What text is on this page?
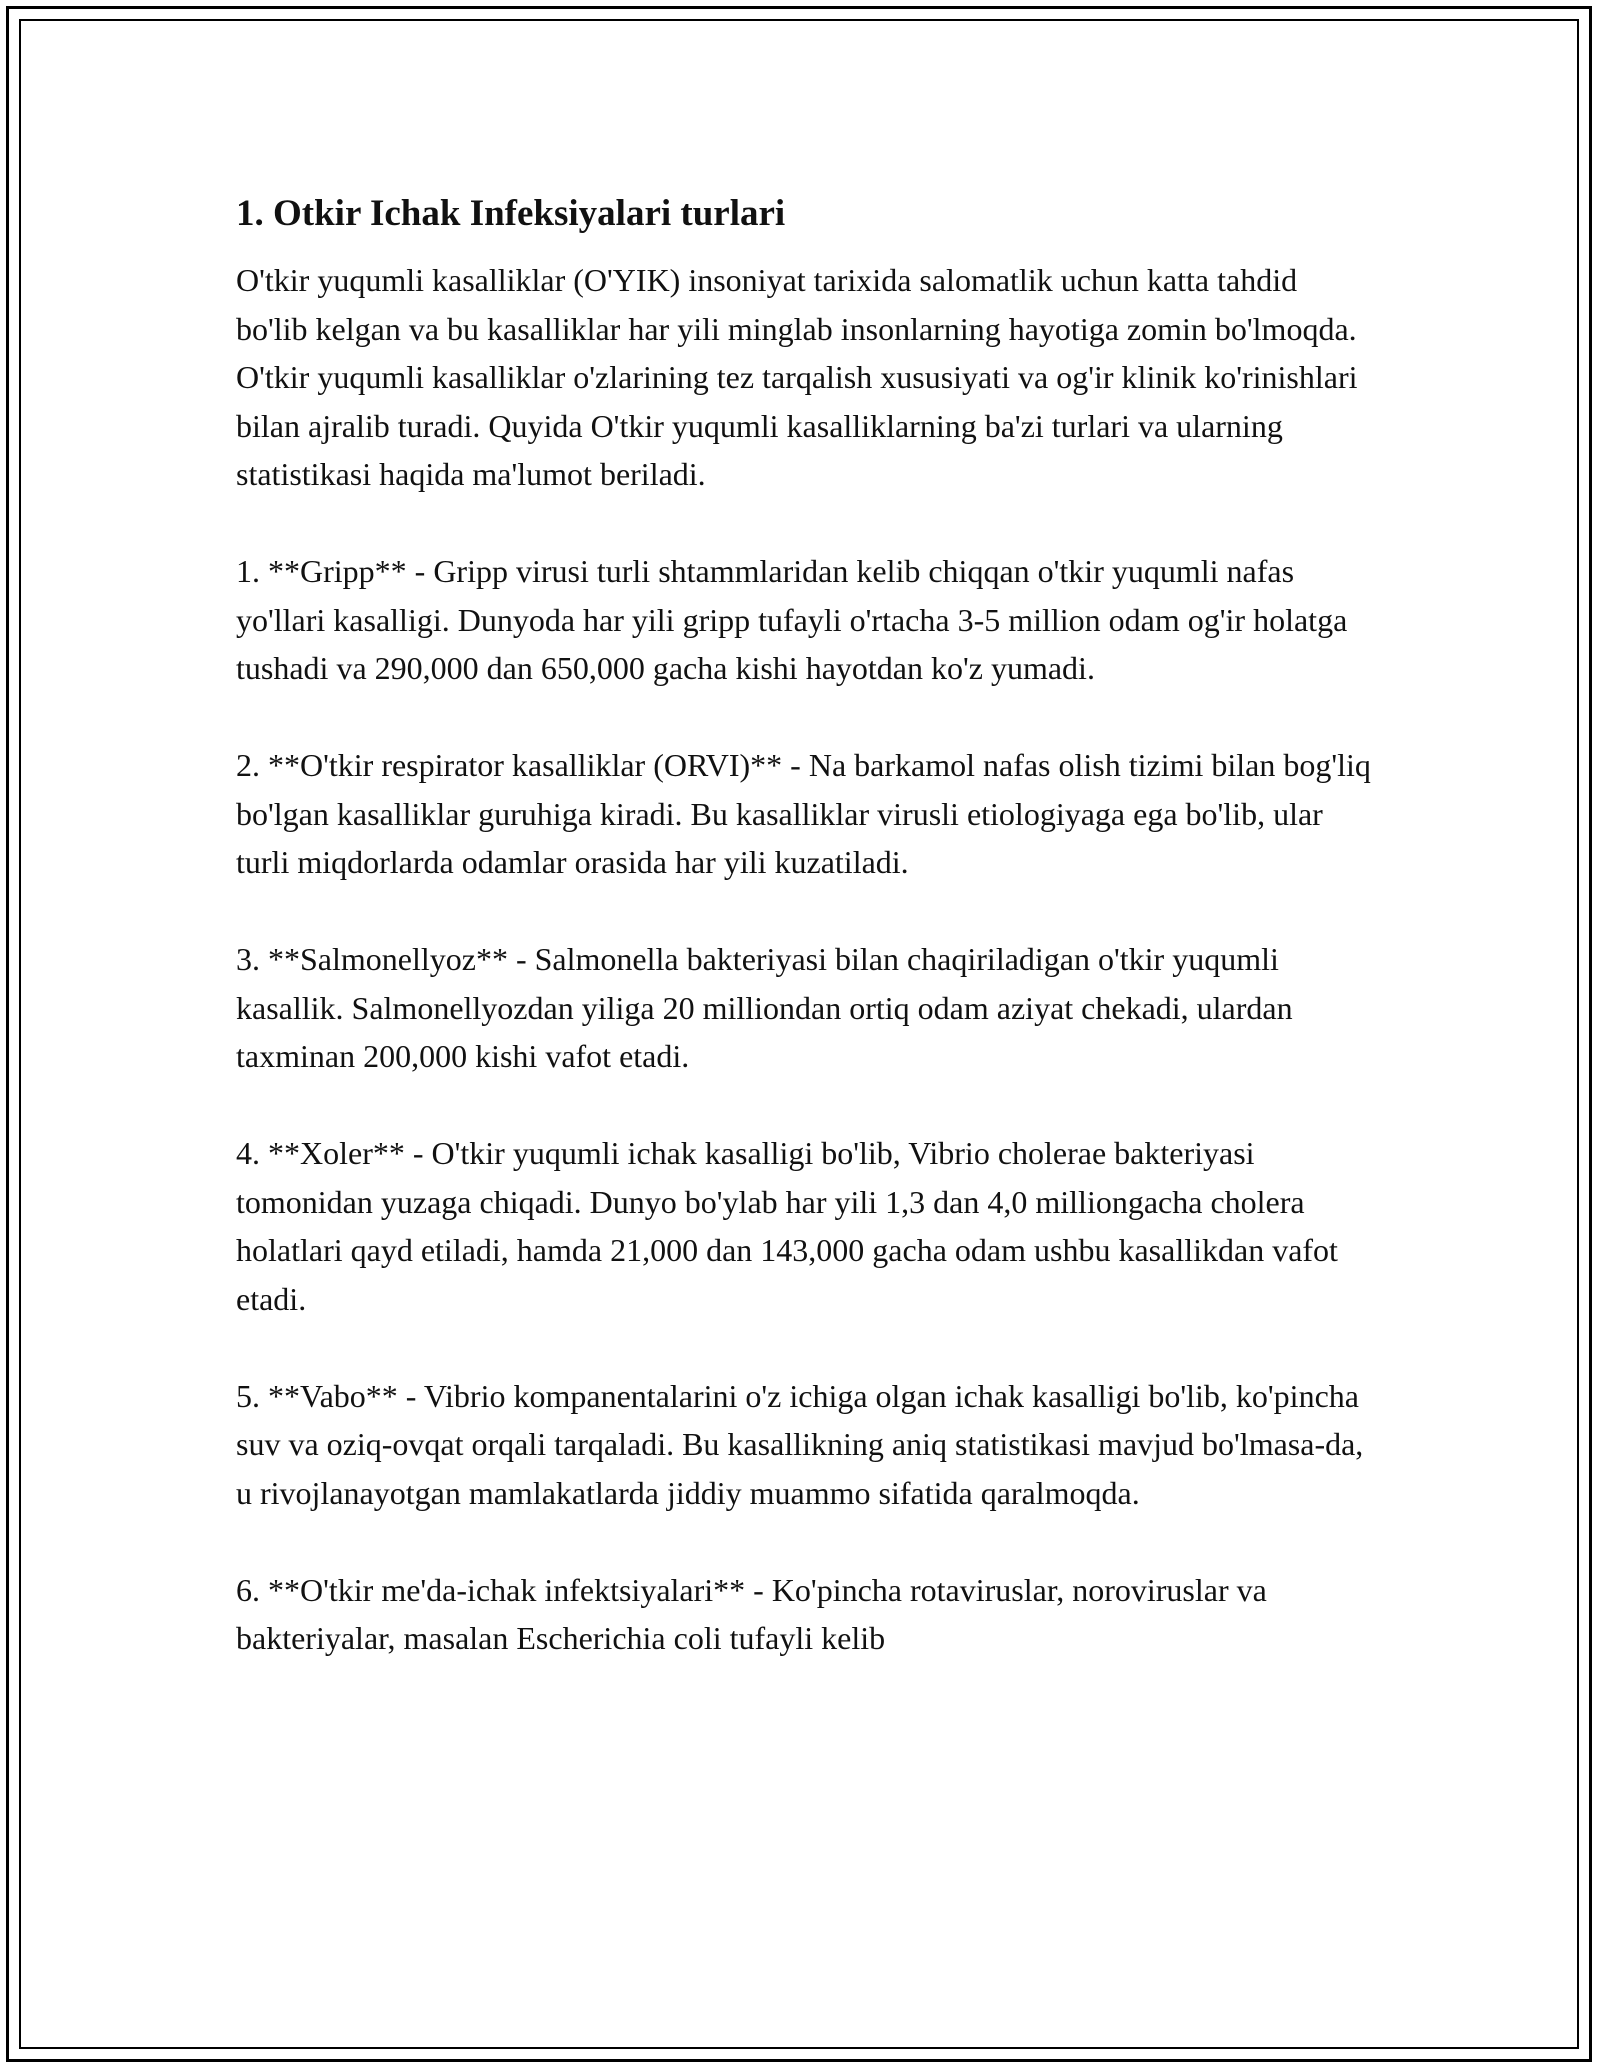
1. Otkir Ichak Infeksiyalari turlari

O'tkir yuqumli kasalliklar (O'YIK) insoniyat tarixida salomatlik uchun katta tahdid bo'lib kelgan va bu kasalliklar har yili minglab insonlarning hayotiga zomin bo'lmoqda. O'tkir yuqumli kasalliklar o'zlarining tez tarqalish xususiyati va og'ir klinik ko'rinishlari bilan ajralib turadi. Quyida O'tkir yuqumli kasalliklarning ba'zi turlari va ularning statistikasi haqida ma'lumot beriladi.

1. **Gripp** - Gripp virusi turli shtammlaridan kelib chiqqan o'tkir yuqumli nafas yo'llari kasalligi. Dunyoda har yili gripp tufayli o'rtacha 3-5 million odam og'ir holatga tushadi va 290,000 dan 650,000 gacha kishi hayotdan ko'z yumadi.

2. **O'tkir respirator kasalliklar (ORVI)** - Na barkamol nafas olish tizimi bilan bog'liq bo'lgan kasalliklar guruhiga kiradi. Bu kasalliklar virusli etiologiyaga ega bo'lib, ular turli miqdorlarda odamlar orasida har yili kuzatiladi.

3. **Salmonellyoz** - Salmonella bakteriyasi bilan chaqiriladigan o'tkir yuqumli kasallik. Salmonellyozdan yiliga 20 milliondan ortiq odam aziyat chekadi, ulardan taxminan 200,000 kishi vafot etadi.

4. **Xoler** - O'tkir yuqumli ichak kasalligi bo'lib, Vibrio cholerae bakteriyasi tomonidan yuzaga chiqadi. Dunyo bo'ylab har yili 1,3 dan 4,0 milliongacha cholera holatlari qayd etiladi, hamda 21,000 dan 143,000 gacha odam ushbu kasallikdan vafot etadi.

5. **Vabo** - Vibrio kompanentalarini o'z ichiga olgan ichak kasalligi bo'lib, ko'pincha suv va oziq-ovqat orqali tarqaladi. Bu kasallikning aniq statistikasi mavjud bo'lmasa-da, u rivojlanayotgan mamlakatlarda jiddiy muammo sifatida qaralmoqda.

6. **O'tkir me'da-ichak infektsiyalari** - Ko'pincha rotaviruslar, noroviruslar va bakteriyalar, masalan Escherichia coli tufayli kelib
